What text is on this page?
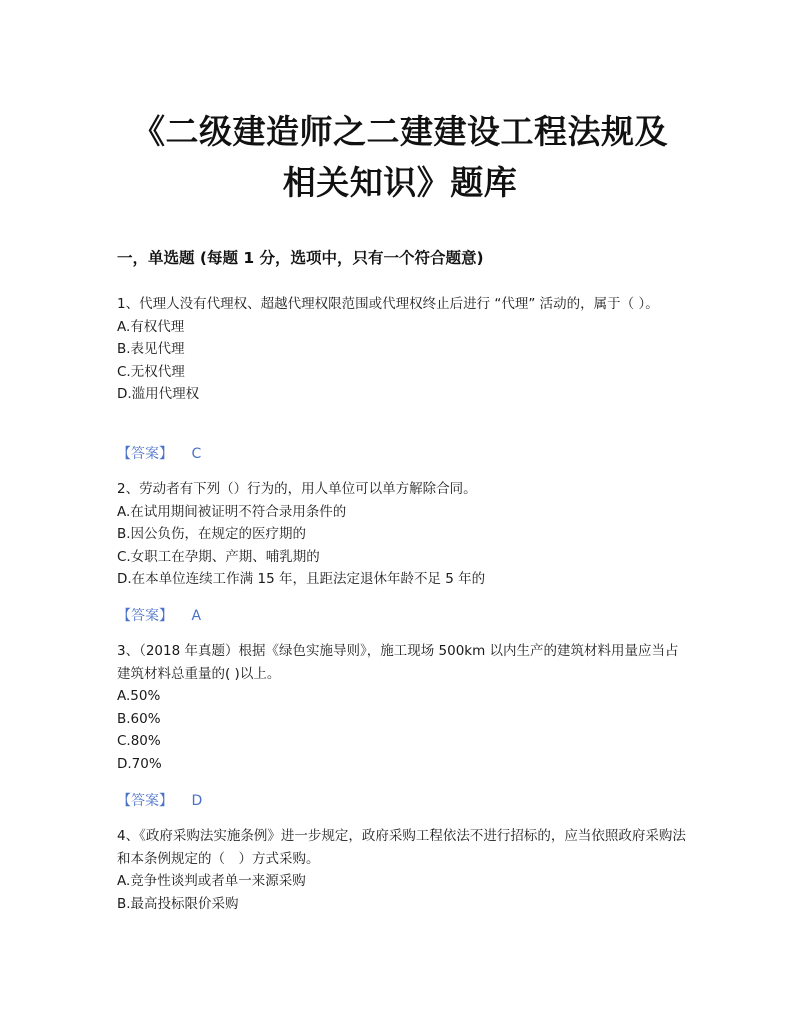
《二级建造师之二建建设工程法规及
相关知识》题库
一，单选题 (每题 1 分，选项中，只有一个符合题意)

1、代理人没有代理权、超越代理权限范围或代理权终止后进行 “代理” 活动的，属于（ ）。

A.有权代理

B.表见代理

C.无权代理

D.滥用代理权

【答案】 C

2、劳动者有下列（）行为的，用人单位可以单方解除合同。

A.在试用期间被证明不符合录用条件的

B.因公负伤，在规定的医疗期的

C.女职工在孕期、产期、哺乳期的

D.在本单位连续工作满 15 年，且距法定退休年龄不足 5 年的

【答案】 A

3、（2018 年真题）根据《绿色实施导则》，施工现场 500km 以内生产的建筑材料用量应当占建筑材料总重量的( )以上。

A.50%

B.60%

C.80%

D.70%

【答案】 D

4、《政府采购法实施条例》进一步规定，政府采购工程依法不进行招标的，应当依照政府采购法和本条例规定的（　）方式采购。

A.竞争性谈判或者单一来源采购

B.最高投标限价采购
